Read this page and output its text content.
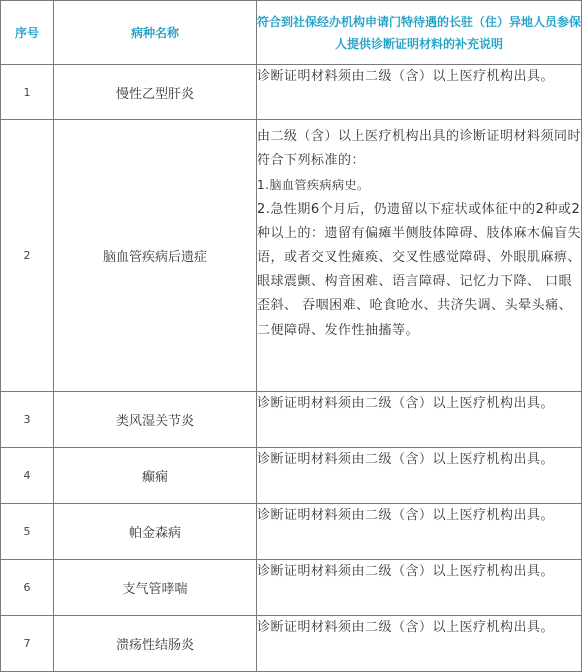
序号	病种名称	符合到社保经办机构申请门特待遇的长驻（住）异地人员参保人提供诊断证明材料的补充说明
1	慢性乙型肝炎	诊断证明材料须由二级（含）以上医疗机构出具。

2	脑血管疾病后遗症	由二级（含）以上医疗机构出具的诊断证明材料须同时符合下列标准的：
1.脑血管疾病病史。
2.急性期6个月后，仍遗留以下症状或体征中的2种或2种以上的：遗留有偏瘫半侧肢体障碍、肢体麻木偏盲失语，或者交叉性瘫痪、交叉性感觉障碍、外眼肌麻痹、眼球震颤、构音困难、语言障碍、记忆力下降、 口眼歪斜、 吞咽困难、呛食呛水、共济失调、头晕头痛、二便障碍、发作性抽搐等。

3	类风湿关节炎	诊断证明材料须由二级（含）以上医疗机构出具。

4	癫痫	诊断证明材料须由二级（含）以上医疗机构出具。

5	帕金森病	诊断证明材料须由二级（含）以上医疗机构出具。

6	支气管哮喘	诊断证明材料须由二级（含）以上医疗机构出具。

7	溃疡性结肠炎	诊断证明材料须由二级（含）以上医疗机构出具。
